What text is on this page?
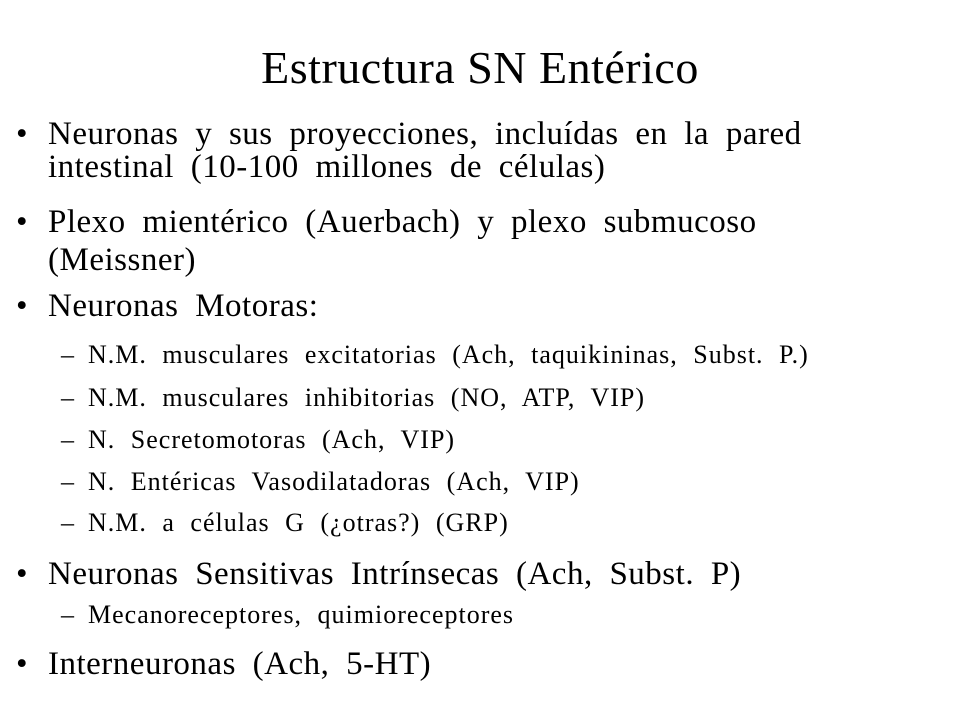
Estructura SN Entérico
• Neuronas y sus proyecciones, incluídas en la pared
intestinal (10-100 millones de células)
• Plexo mientérico (Auerbach) y plexo submucoso
(Meissner)
• Neuronas Motoras:
– N.M. musculares excitatorias (Ach, taquikininas, Subst. P.)
– N.M. musculares inhibitorias (NO, ATP, VIP)
– N. Secretomotoras (Ach, VIP)
– N. Entéricas Vasodilatadoras (Ach, VIP)
– N.M. a células G (¿otras?) (GRP)
• Neuronas Sensitivas Intrínsecas (Ach, Subst. P)
– Mecanoreceptores, quimioreceptores
• Interneuronas (Ach, 5-HT)
